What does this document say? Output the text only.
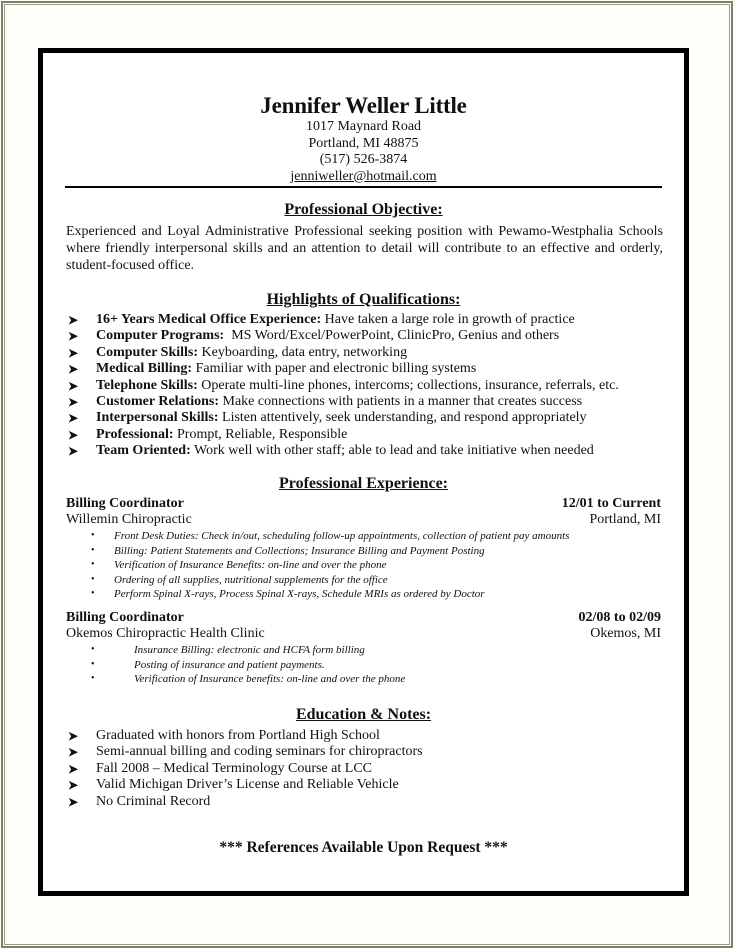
Jennifer Weller Little
1017 Maynard Road
Portland, MI 48875
(517) 526-3874
jenniweller@hotmail.com
Professional Objective:
Experienced and Loyal Administrative Professional seeking position with Pewamo-Westphalia Schools where friendly interpersonal skills and an attention to detail will contribute to an effective and orderly, student-focused office.
Highlights of Qualifications:
➤ 16+ Years Medical Office Experience: Have taken a large role in growth of practice
➤ Computer Programs:  MS Word/Excel/PowerPoint, ClinicPro, Genius and others
➤ Computer Skills: Keyboarding, data entry, networking
➤ Medical Billing: Familiar with paper and electronic billing systems
➤ Telephone Skills: Operate multi-line phones, intercoms; collections, insurance, referrals, etc.
➤ Customer Relations: Make connections with patients in a manner that creates success
➤ Interpersonal Skills: Listen attentively, seek understanding, and respond appropriately
➤ Professional: Prompt, Reliable, Responsible
➤ Team Oriented: Work well with other staff; able to lead and take initiative when needed
Professional Experience:
Billing Coordinator	12/01 to Current
Willemin Chiropractic	Portland, MI
• Front Desk Duties: Check in/out, scheduling follow-up appointments, collection of patient pay amounts
• Billing: Patient Statements and Collections; Insurance Billing and Payment Posting
• Verification of Insurance Benefits: on-line and over the phone
• Ordering of all supplies, nutritional supplements for the office
• Perform Spinal X-rays, Process Spinal X-rays, Schedule MRIs as ordered by Doctor
Billing Coordinator	02/08 to 02/09
Okemos Chiropractic Health Clinic	Okemos, MI
•	Insurance Billing: electronic and HCFA form billing
•	Posting of insurance and patient payments.
•	Verification of Insurance benefits: on-line and over the phone
Education & Notes:
➤ Graduated with honors from Portland High School
➤ Semi-annual billing and coding seminars for chiropractors
➤ Fall 2008 – Medical Terminology Course at LCC
➤ Valid Michigan Driver’s License and Reliable Vehicle
➤ No Criminal Record
*** References Available Upon Request ***
